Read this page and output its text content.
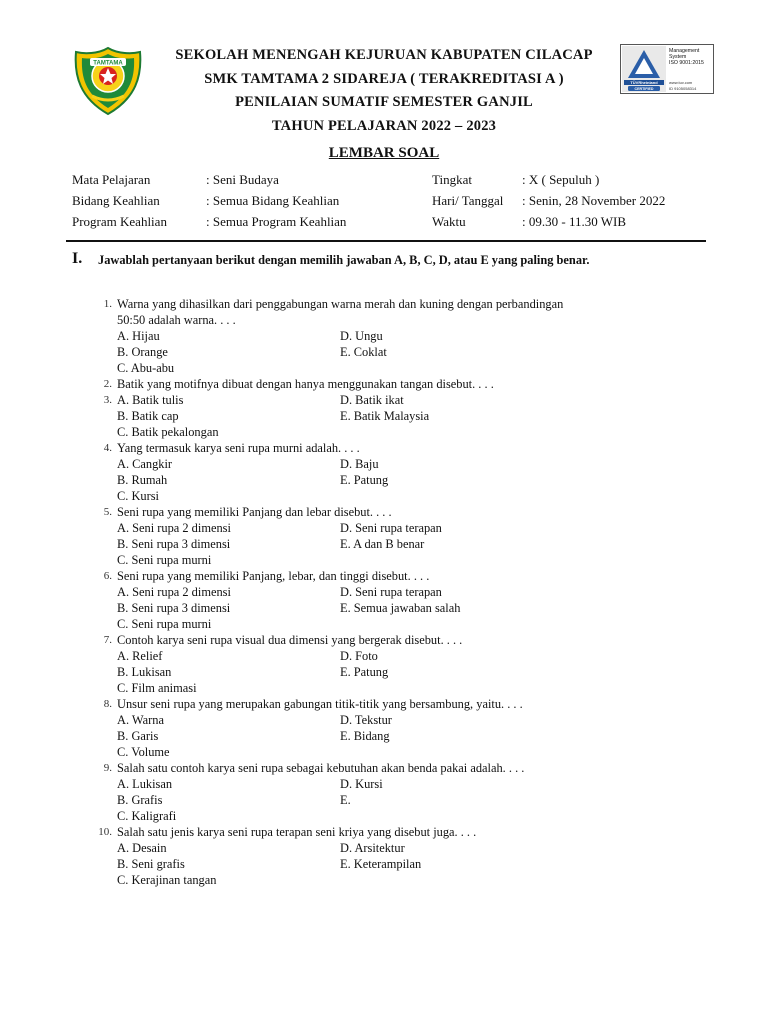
TAMTAMA
SEKOLAH MENENGAH KEJURUAN KABUPATEN CILACAP
SMK TAMTAMA 2 SIDAREJA ( TERAKREDITASI A )
PENILAIAN SUMATIF SEMESTER GANJIL
TAHUN PELAJARAN 2022 – 2023
TÜVRheinland
CERTIFIED
Management
System
ISO 9001:2015
www.tuv.com
ID 9105058314
LEMBAR SOAL
Mata Pelajaran	: Seni Budaya	Tingkat	: X ( Sepuluh )
Bidang Keahlian	: Semua Bidang Keahlian	Hari/ Tanggal : Senin, 28 November 2022
Program Keahlian	: Semua Program Keahlian	Waktu	: 09.30 - 11.30 WIB
I. Jawablah pertanyaan berikut dengan memilih jawaban A, B, C, D, atau E yang paling benar.
1. Warna yang dihasilkan dari penggabungan warna merah dan kuning dengan perbandingan
50:50 adalah warna. . . .
A. Hijau	D. Ungu
B. Orange	E. Coklat
C. Abu-abu
2. Batik yang motifnya dibuat dengan hanya menggunakan tangan disebut. . . .
3. A. Batik tulis	D. Batik ikat
B. Batik cap	E. Batik Malaysia
C. Batik pekalongan
4. Yang termasuk karya seni rupa murni adalah. . . .
A. Cangkir	D. Baju
B. Rumah	E. Patung
C. Kursi
5. Seni rupa yang memiliki Panjang dan lebar disebut. . . .
A. Seni rupa 2 dimensi	D. Seni rupa terapan
B. Seni rupa 3 dimensi	E. A dan B benar
C. Seni rupa murni
6. Seni rupa yang memiliki Panjang, lebar, dan tinggi disebut. . . .
A. Seni rupa 2 dimensi	D. Seni rupa terapan
B. Seni rupa 3 dimensi	E. Semua jawaban salah
C. Seni rupa murni
7. Contoh karya seni rupa visual dua dimensi yang bergerak disebut. . . .
A. Relief	D. Foto
B. Lukisan	E. Patung
C. Film animasi
8. Unsur seni rupa yang merupakan gabungan titik-titik yang bersambung, yaitu. . . .
A. Warna	D. Tekstur
B. Garis	E. Bidang
C. Volume
9. Salah satu contoh karya seni rupa sebagai kebutuhan akan benda pakai adalah. . . .
A. Lukisan	D. Kursi
B. Grafis	E.
C. Kaligrafi
10. Salah satu jenis karya seni rupa terapan seni kriya yang disebut juga. . . .
A. Desain	D. Arsitektur
B. Seni grafis	E. Keterampilan
C. Kerajinan tangan
